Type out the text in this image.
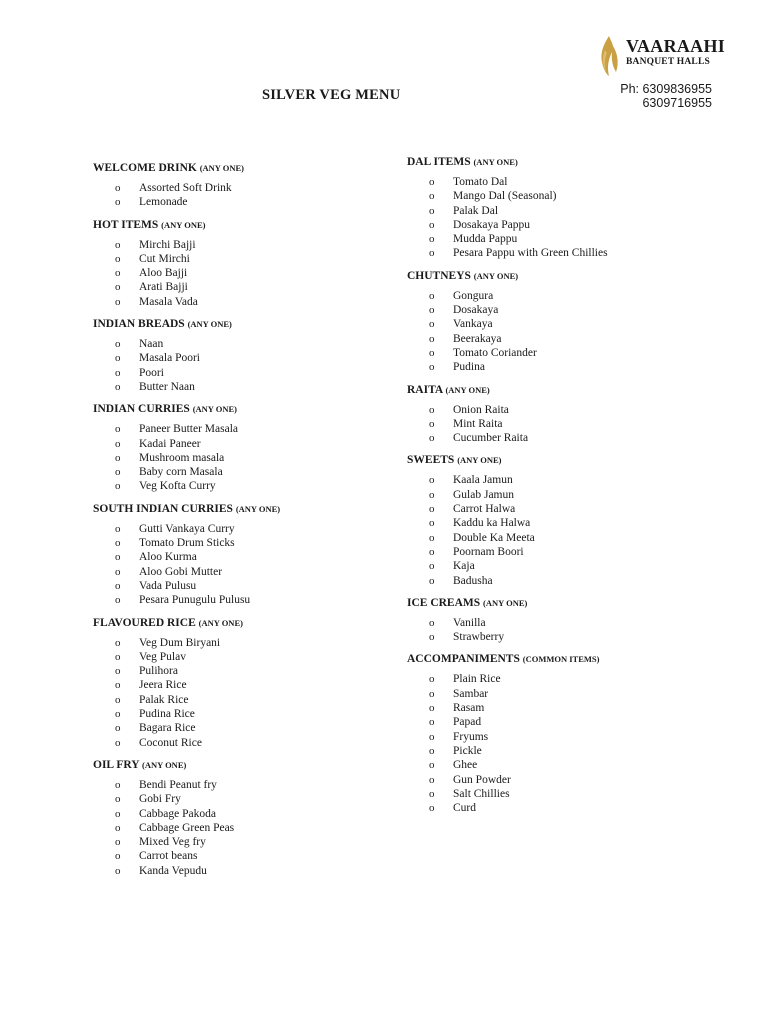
VAARAAHI
BANQUET HALLS
Ph: 6309836955
6309716955
SILVER VEG MENU
WELCOME DRINK (ANY ONE)
o Assorted Soft Drink
o Lemonade
HOT ITEMS (ANY ONE)
o Mirchi Bajji
o Cut Mirchi
o Aloo Bajji
o Arati Bajji
o Masala Vada
INDIAN BREADS (ANY ONE)
o Naan
o Masala Poori
o Poori
o Butter Naan
INDIAN CURRIES (ANY ONE)
o Paneer Butter Masala
o Kadai Paneer
o Mushroom masala
o Baby corn Masala
o Veg Kofta Curry
SOUTH INDIAN CURRIES (ANY ONE)
o Gutti Vankaya Curry
o Tomato Drum Sticks
o Aloo Kurma
o Aloo Gobi Mutter
o Vada Pulusu
o Pesara Punugulu Pulusu
FLAVOURED RICE (ANY ONE)
o Veg Dum Biryani
o Veg Pulav
o Pulihora
o Jeera Rice
o Palak Rice
o Pudina Rice
o Bagara Rice
o Coconut Rice
OIL FRY (ANY ONE)
o Bendi Peanut fry
o Gobi Fry
o Cabbage Pakoda
o Cabbage Green Peas
o Mixed Veg fry
o Carrot beans
o Kanda Vepudu
DAL ITEMS (ANY ONE)
o Tomato Dal
o Mango Dal (Seasonal)
o Palak Dal
o Dosakaya Pappu
o Mudda Pappu
o Pesara Pappu with Green Chillies
CHUTNEYS (ANY ONE)
o Gongura
o Dosakaya
o Vankaya
o Beerakaya
o Tomato Coriander
o Pudina
RAITA (ANY ONE)
o Onion Raita
o Mint Raita
o Cucumber Raita
SWEETS (ANY ONE)
o Kaala Jamun
o Gulab Jamun
o Carrot Halwa
o Kaddu ka Halwa
o Double Ka Meeta
o Poornam Boori
o Kaja
o Badusha
ICE CREAMS (ANY ONE)
o Vanilla
o Strawberry
ACCOMPANIMENTS (COMMON ITEMS)
o Plain Rice
o Sambar
o Rasam
o Papad
o Fryums
o Pickle
o Ghee
o Gun Powder
o Salt Chillies
o Curd
